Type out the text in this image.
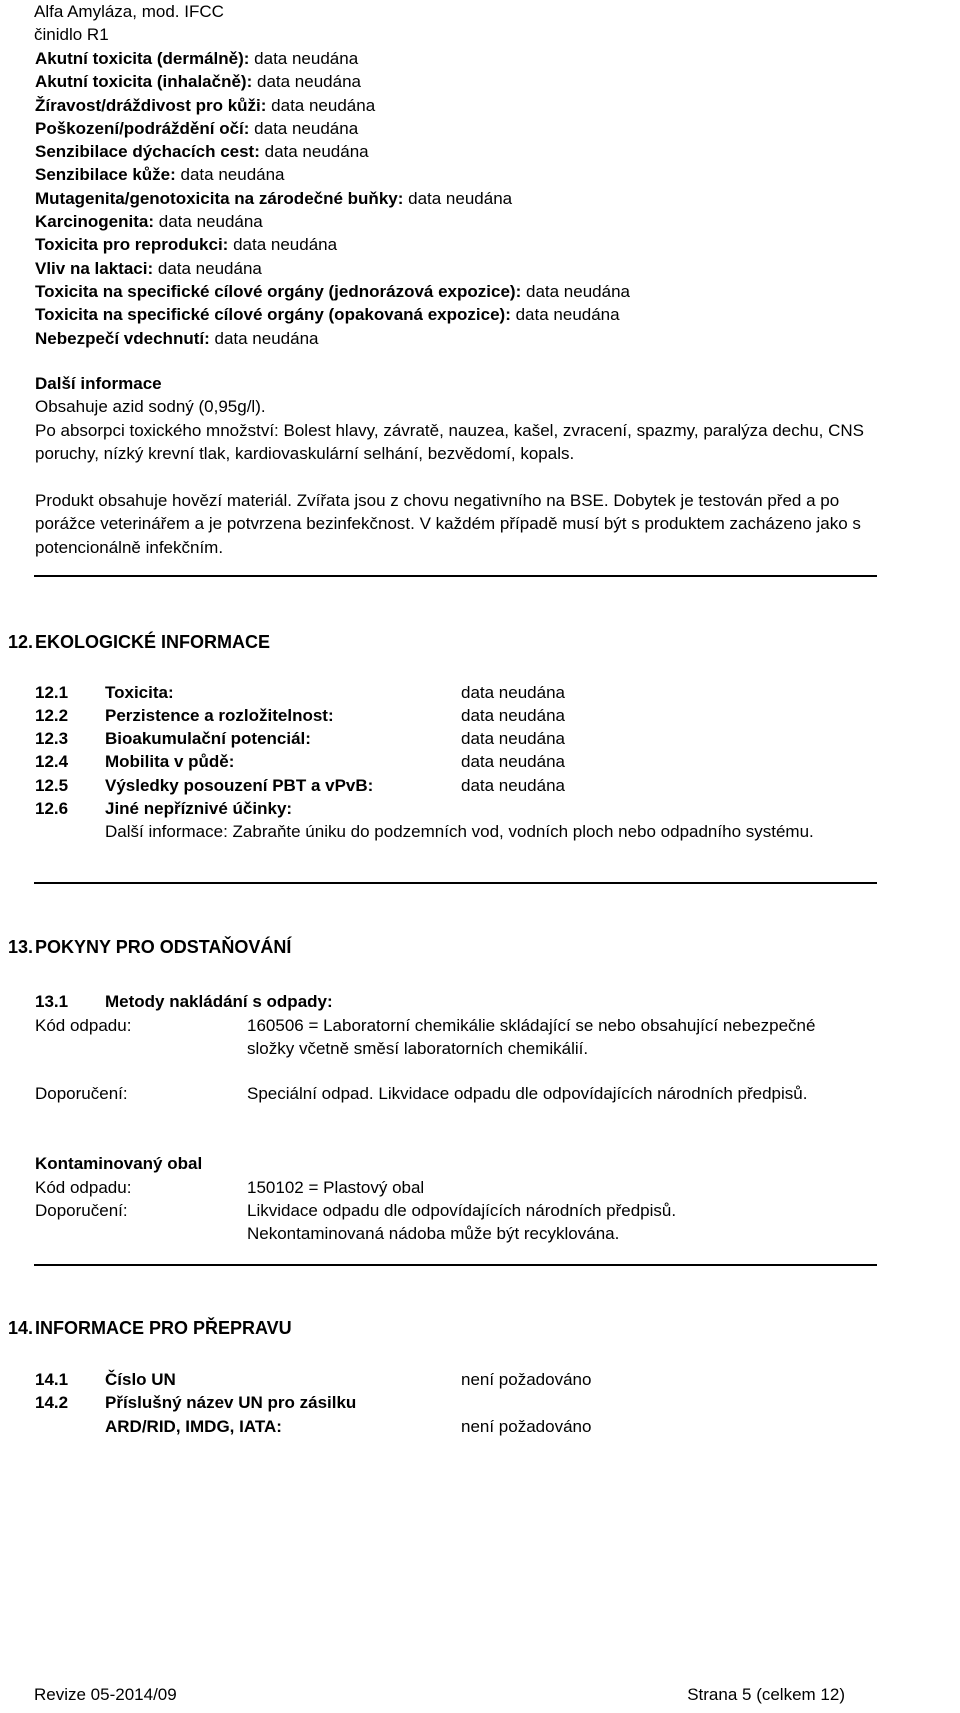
Alfa Amyláza, mod. IFCC
činidlo R1
Akutní toxicita (dermálně): data neudána
Akutní toxicita (inhalačně): data neudána
Žíravost/dráždivost pro kůži: data neudána
Poškození/podráždění očí: data neudána
Senzibilace dýchacích cest: data neudána
Senzibilace kůže: data neudána
Mutagenita/genotoxicita na zárodečné buňky: data neudána
Karcinogenita: data neudána
Toxicita pro reprodukci: data neudána
Vliv na laktaci: data neudána
Toxicita na specifické cílové orgány (jednorázová expozice): data neudána
Toxicita na specifické cílové orgány (opakovaná expozice): data neudána
Nebezpečí vdechnutí: data neudána
Další informace
Obsahuje azid sodný (0,95g/l).
Po absorpci toxického množství: Bolest hlavy, závratě, nauzea, kašel, zvracení, spazmy, paralýza dechu, CNS poruchy, nízký krevní tlak, kardiovaskulární selhání, bezvědomí, kopals.
Produkt obsahuje hovězí materiál. Zvířata jsou z chovu negativního na BSE. Dobytek je testován před a po porážce veterinářem a je potvrzena bezinfekčnost. V každém případě musí být s produktem zacházeno jako s potencionálně infekčním.
12. EKOLOGICKÉ INFORMACE
12.1 Toxicita:	data neudána
12.2 Perzistence a rozložitelnost:	data neudána
12.3 Bioakumulační potenciál:	data neudána
12.4 Mobilita v půdě:	data neudána
12.5 Výsledky posouzení PBT a vPvB:	data neudána
12.6 Jiné nepříznivé účinky:
Další informace: Zabraňte úniku do podzemních vod, vodních ploch nebo odpadního systému.
13. POKYNY PRO ODSTAŇOVÁNÍ
13.1 Metody nakládání s odpady:
Kód odpadu:	160506 = Laboratorní chemikálie skládající se nebo obsahující nebezpečné složky včetně směsí laboratorních chemikálií.
Doporučení:	Speciální odpad. Likvidace odpadu dle odpovídajících národních předpisů.
Kontaminovaný obal
Kód odpadu:	150102 = Plastový obal
Doporučení:	Likvidace odpadu dle odpovídajících národních předpisů.
Nekontaminovaná nádoba může být recyklována.
14. INFORMACE PRO PŘEPRAVU
14.1 Číslo UN	není požadováno
14.2 Příslušný název UN pro zásilku
ARD/RID, IMDG, IATA:	není požadováno
Revize 05-2014/09	Strana 5 (celkem 12)
